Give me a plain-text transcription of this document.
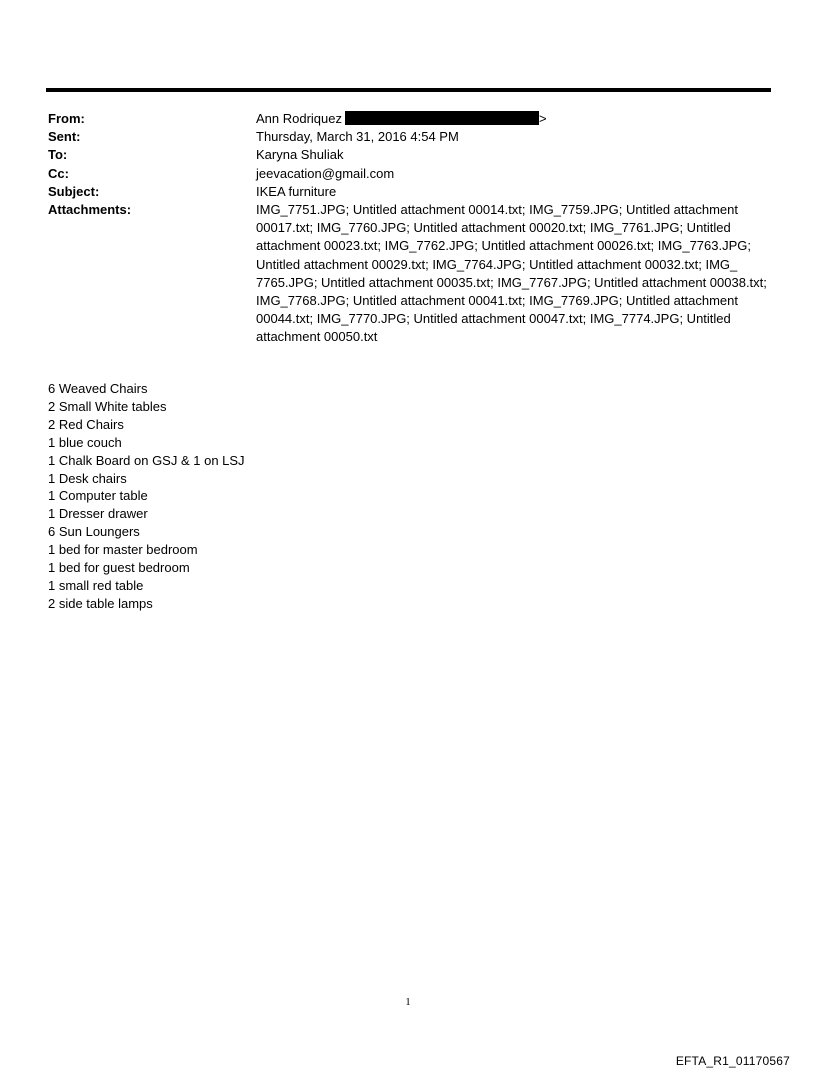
From:	Ann Rodriquez	>
Sent:	Thursday, March 31, 2016 4:54 PM
To:	Karyna Shuliak
Cc:	jeevacation@gmail.com
Subject:	IKEA furniture
Attachments:	IMG_7751.JPG; Untitled attachment 00014.txt; IMG_7759.JPG; Untitled attachment 00017.txt; IMG_7760.JPG; Untitled attachment 00020.txt; IMG_7761.JPG; Untitled attachment 00023.txt; IMG_7762.JPG; Untitled attachment 00026.txt; IMG_7763.JPG; Untitled attachment 00029.txt; IMG_7764.JPG; Untitled attachment 00032.txt; IMG_ 7765.JPG; Untitled attachment 00035.txt; IMG_7767.JPG; Untitled attachment 00038.txt; IMG_7768.JPG; Untitled attachment 00041.txt; IMG_7769.JPG; Untitled attachment 00044.txt; IMG_7770.JPG; Untitled attachment 00047.txt; IMG_7774.JPG; Untitled attachment 00050.txt
6 Weaved Chairs
2 Small White tables
2 Red Chairs
1 blue couch
1 Chalk Board on GSJ & 1 on LSJ
1 Desk chairs
1 Computer table
1 Dresser drawer
6 Sun Loungers
1 bed for master bedroom
1 bed for guest bedroom
1 small red table
2 side table lamps
1
EFTA_R1_01170567
